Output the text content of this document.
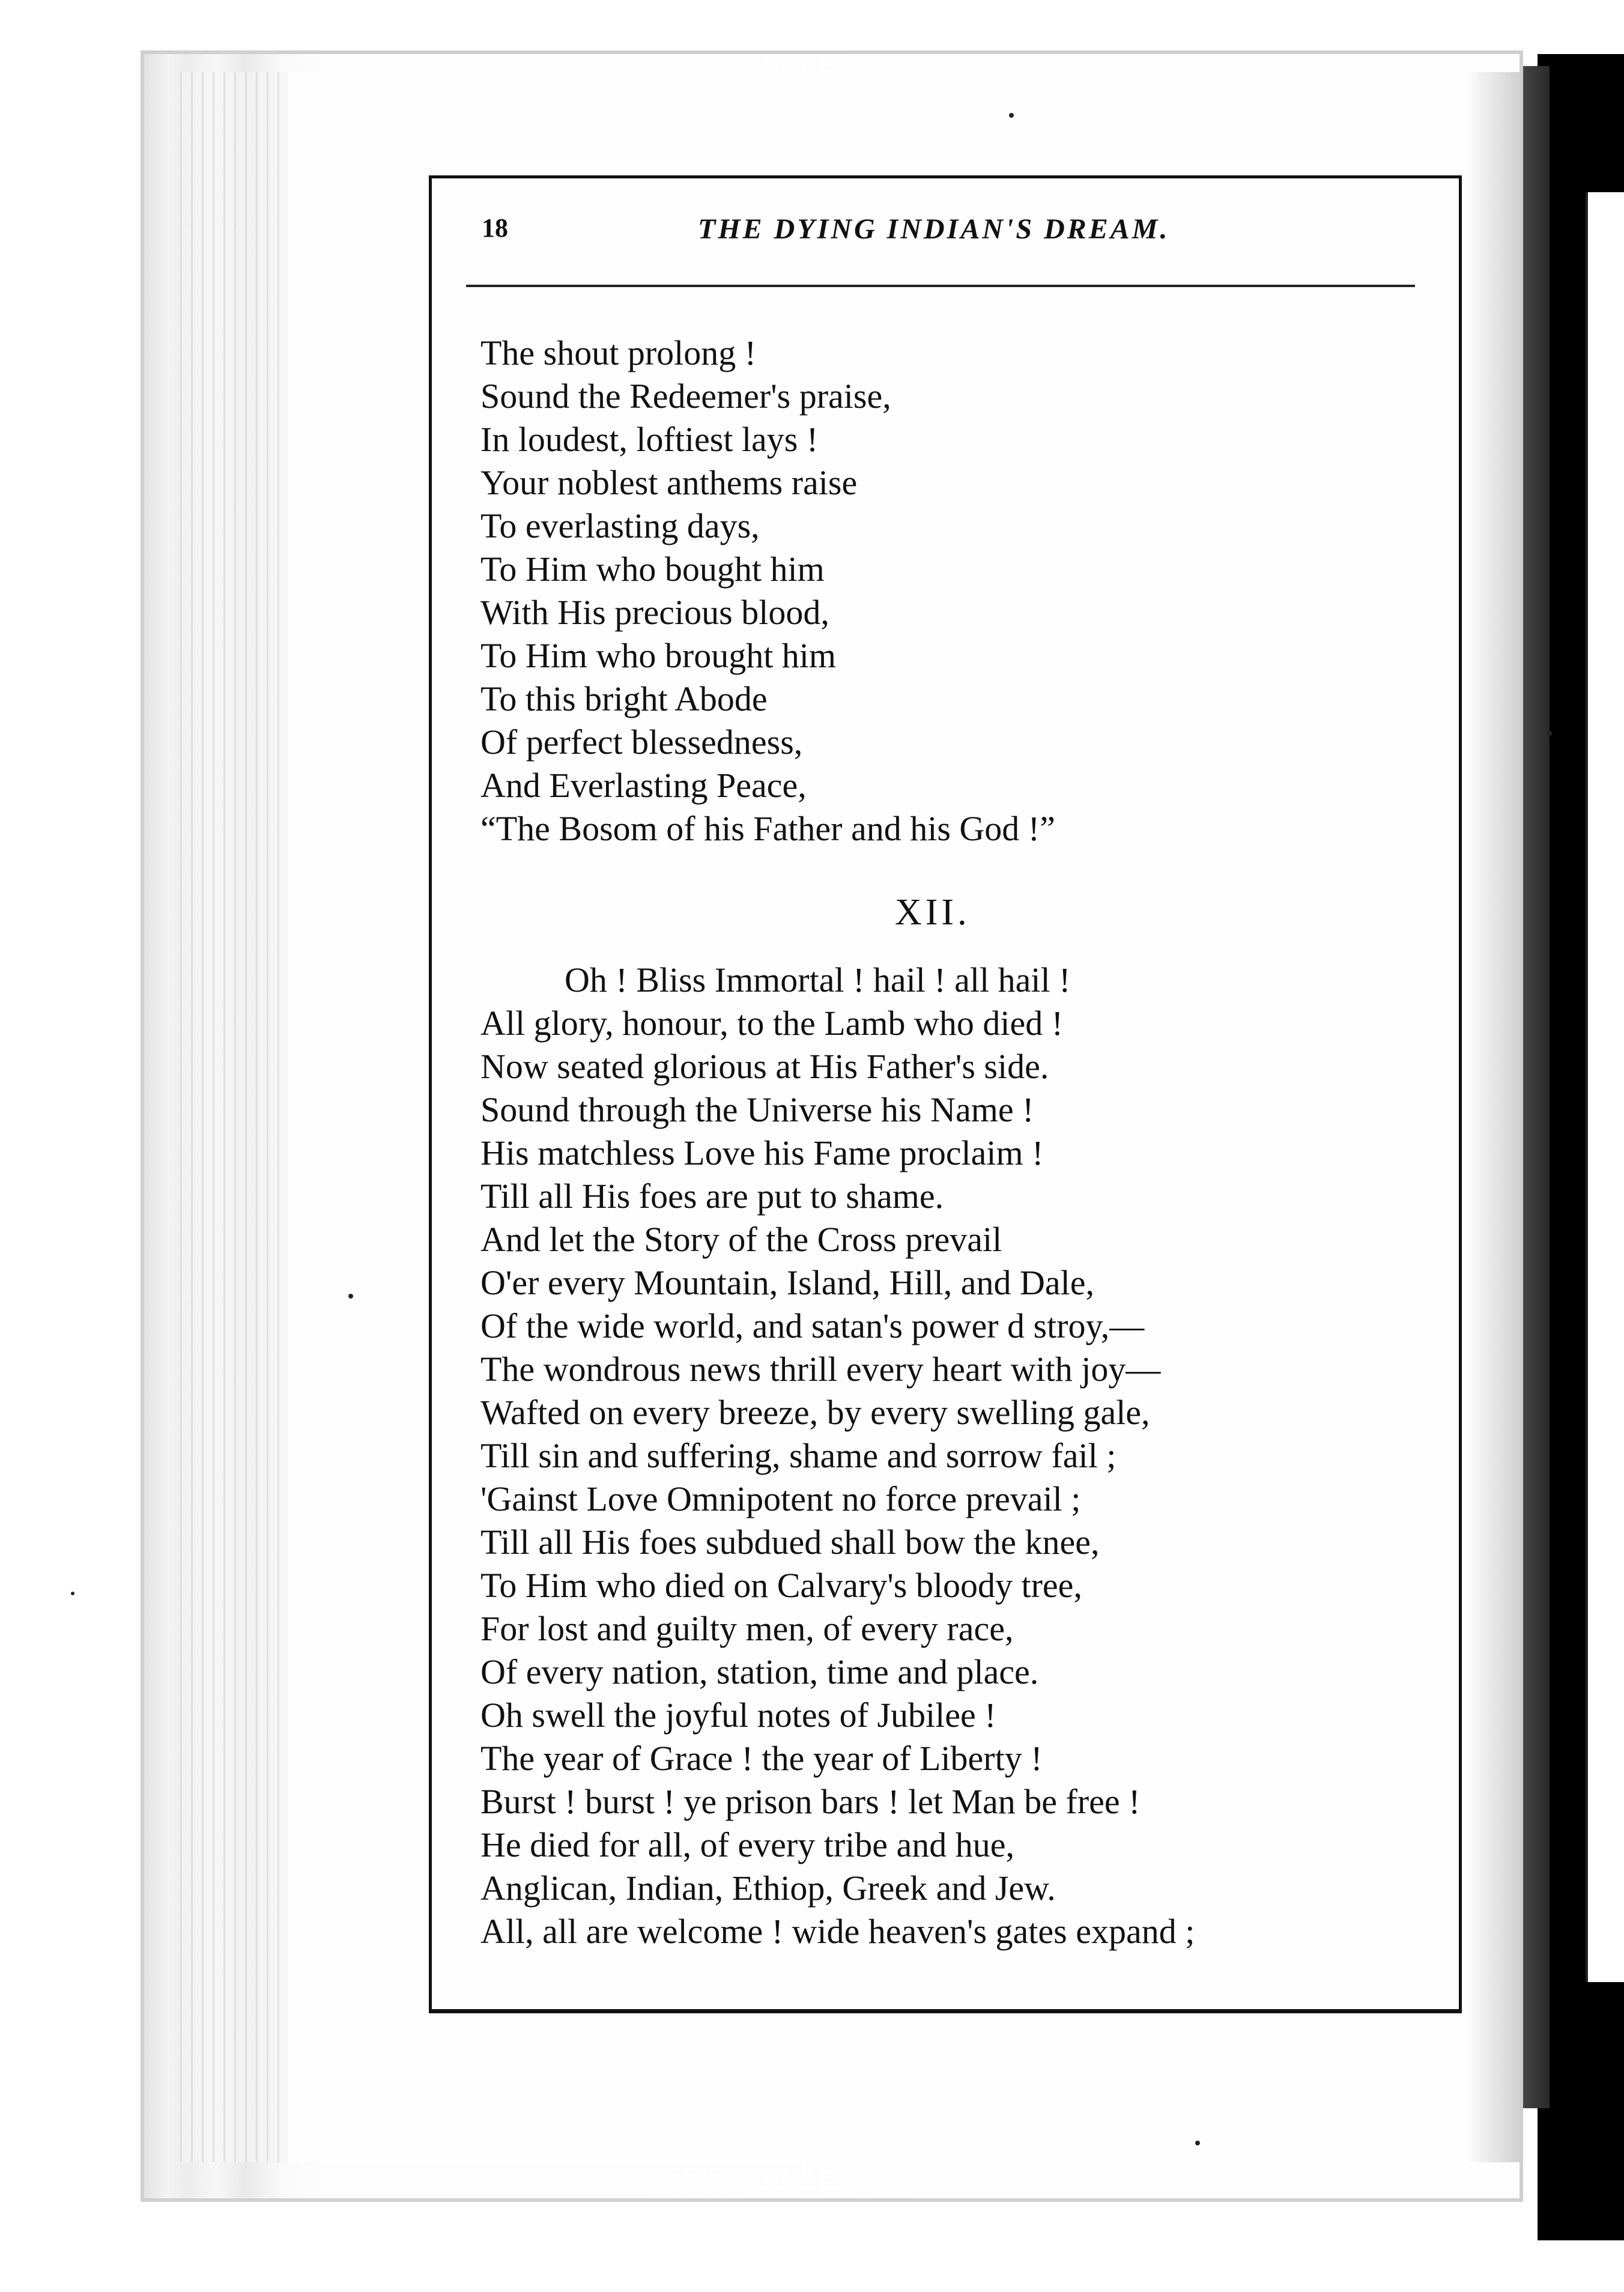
18	THE DYING INDIAN'S DREAM.
The shout prolong !
Sound the Redeemer's praise,
In loudest, loftiest lays !
Your noblest anthems raise
To everlasting days,
To Him who bought him
With His precious blood,
To Him who brought him
To this bright Abode
Of perfect blessedness,
And Everlasting Peace,
“The Bosom of his Father and his God !”
XII.
Oh ! Bliss Immortal ! hail ! all hail !
All glory, honour, to the Lamb who died !
Now seated glorious at His Father's side.
Sound through the Universe his Name !
His matchless Love his Fame proclaim !
Till all His foes are put to shame.
And let the Story of the Cross prevail
O'er every Mountain, Island, Hill, and Dale,
Of the wide world, and satan's power d stroy,—
The wondrous news thrill every heart with joy—
Wafted on every breeze, by every swelling gale,
Till sin and suffering, shame and sorrow fail ;
'Gainst Love Omnipotent no force prevail ;
Till all His foes subdued shall bow the knee,
To Him who died on Calvary's bloody tree,
For lost and guilty men, of every race,
Of every nation, station, time and place.
Oh swell the joyful notes of Jubilee !
The year of Grace ! the year of Liberty !
Burst ! burst ! ye prison bars ! let Man be free !
He died for all, of every tribe and hue,
Anglican, Indian, Ethiop, Greek and Jew.
All, all are welcome ! wide heaven's gates expand ;
